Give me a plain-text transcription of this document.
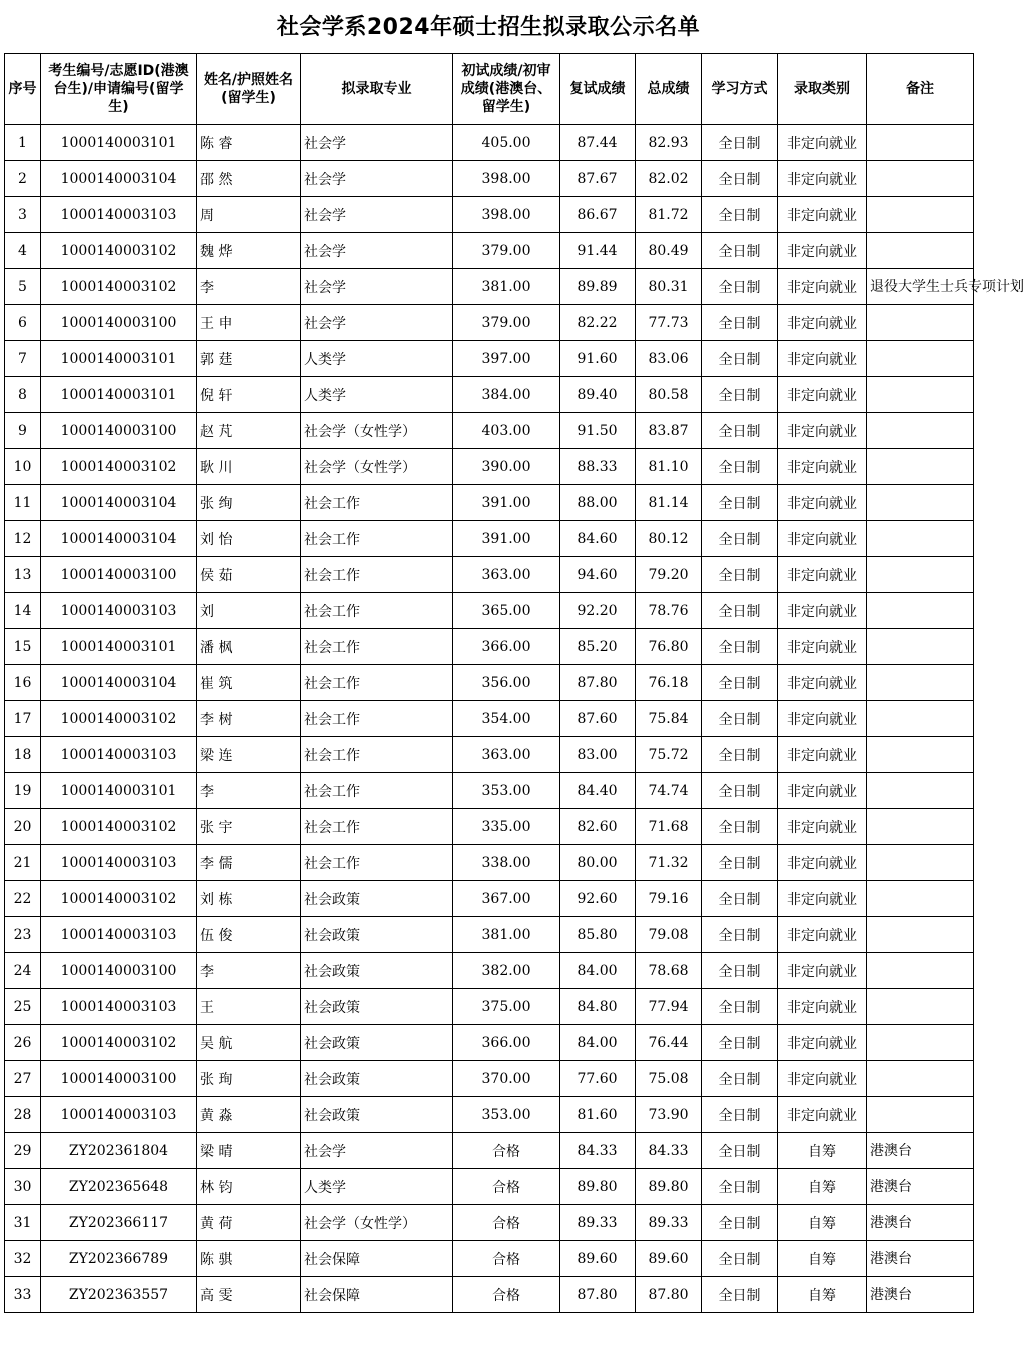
社会学系2024年硕士招生拟录取公示名单
序号	考生编号/志愿ID(港澳台生)/申请编号(留学生)	姓名/护照姓名(留学生)	拟录取专业	初试成绩/初审成绩(港澳台、留学生)	复试成绩	总成绩	学习方式	录取类别	备注
1	1000140003101	陈 睿	社会学	405.00	87.44	82.93	全日制	非定向就业	
2	1000140003104	邵 然	社会学	398.00	87.67	82.02	全日制	非定向就业	
3	1000140003103	周	社会学	398.00	86.67	81.72	全日制	非定向就业	
4	1000140003102	魏 烨	社会学	379.00	91.44	80.49	全日制	非定向就业	
5	1000140003102	李	社会学	381.00	89.89	80.31	全日制	非定向就业	退役大学生士兵专项计划
6	1000140003100	王 申	社会学	379.00	82.22	77.73	全日制	非定向就业	
7	1000140003101	郭 莛	人类学	397.00	91.60	83.06	全日制	非定向就业	
8	1000140003101	倪 轩	人类学	384.00	89.40	80.58	全日制	非定向就业	
9	1000140003100	赵 芃	社会学（女性学）	403.00	91.50	83.87	全日制	非定向就业	
10	1000140003102	耿 川	社会学（女性学）	390.00	88.33	81.10	全日制	非定向就业	
11	1000140003104	张 绚	社会工作	391.00	88.00	81.14	全日制	非定向就业	
12	1000140003104	刘 怡	社会工作	391.00	84.60	80.12	全日制	非定向就业	
13	1000140003100	侯 茹	社会工作	363.00	94.60	79.20	全日制	非定向就业	
14	1000140003103	刘	社会工作	365.00	92.20	78.76	全日制	非定向就业	
15	1000140003101	潘 枫	社会工作	366.00	85.20	76.80	全日制	非定向就业	
16	1000140003104	崔 筑	社会工作	356.00	87.80	76.18	全日制	非定向就业	
17	1000140003102	李 树	社会工作	354.00	87.60	75.84	全日制	非定向就业	
18	1000140003103	梁 连	社会工作	363.00	83.00	75.72	全日制	非定向就业	
19	1000140003101	李	社会工作	353.00	84.40	74.74	全日制	非定向就业	
20	1000140003102	张 宇	社会工作	335.00	82.60	71.68	全日制	非定向就业	
21	1000140003103	李 儒	社会工作	338.00	80.00	71.32	全日制	非定向就业	
22	1000140003102	刘 栋	社会政策	367.00	92.60	79.16	全日制	非定向就业	
23	1000140003103	伍 俊	社会政策	381.00	85.80	79.08	全日制	非定向就业	
24	1000140003100	李	社会政策	382.00	84.00	78.68	全日制	非定向就业	
25	1000140003103	王	社会政策	375.00	84.80	77.94	全日制	非定向就业	
26	1000140003102	吴 航	社会政策	366.00	84.00	76.44	全日制	非定向就业	
27	1000140003100	张 珣	社会政策	370.00	77.60	75.08	全日制	非定向就业	
28	1000140003103	黄 淼	社会政策	353.00	81.60	73.90	全日制	非定向就业	
29	ZY202361804	梁 晴	社会学	合格	84.33	84.33	全日制	自筹	港澳台
30	ZY202365648	林 钧	人类学	合格	89.80	89.80	全日制	自筹	港澳台
31	ZY202366117	黄 荷	社会学（女性学）	合格	89.33	89.33	全日制	自筹	港澳台
32	ZY202366789	陈 骐	社会保障	合格	89.60	89.60	全日制	自筹	港澳台
33	ZY202363557	高 雯	社会保障	合格	87.80	87.80	全日制	自筹	港澳台
